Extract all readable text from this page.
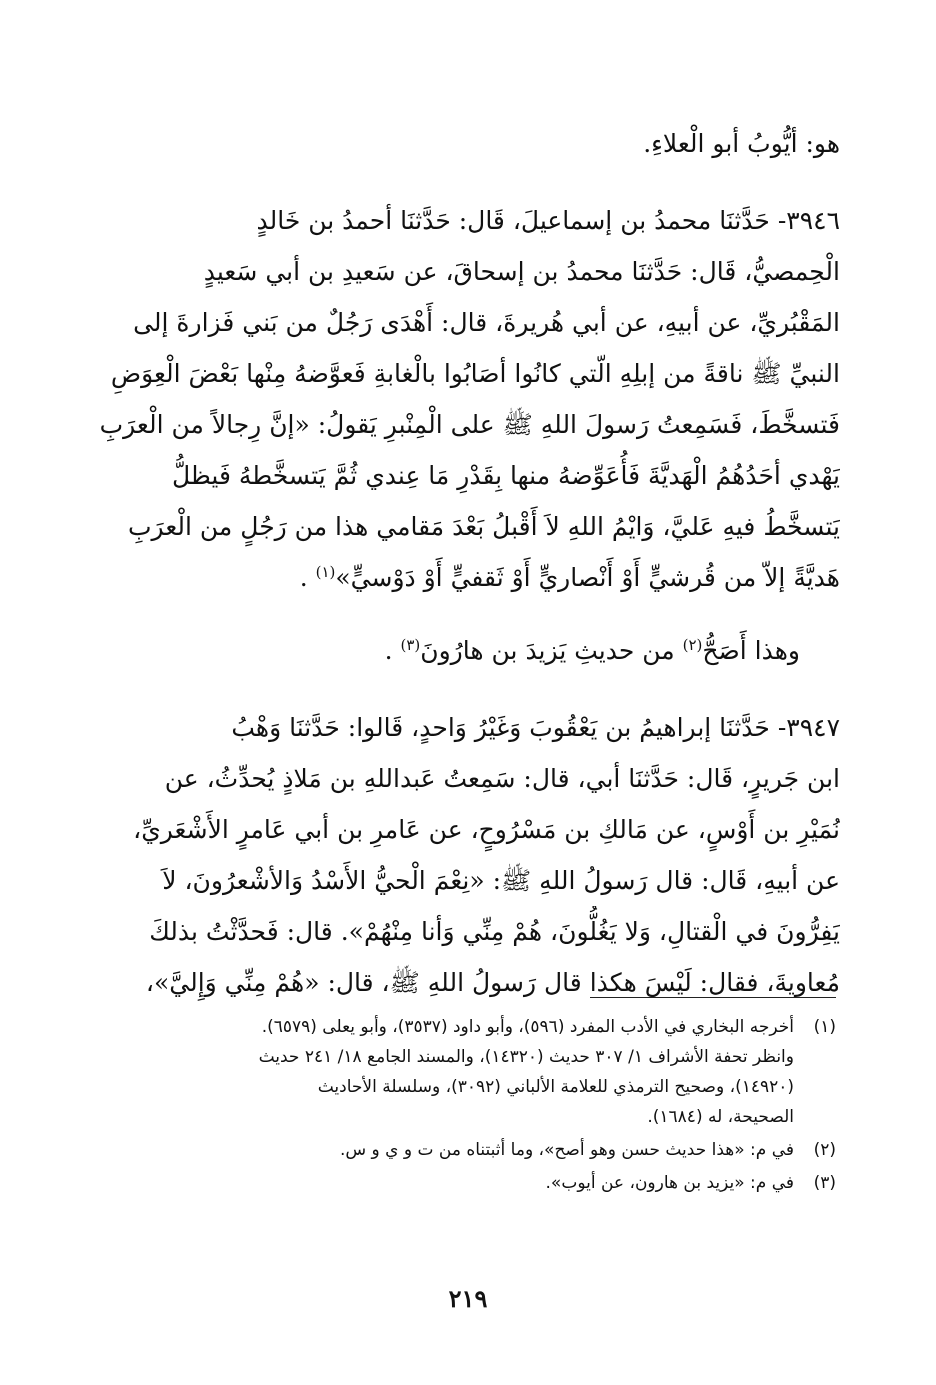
هو: أيُّوبُ أبو الْعلاءِ.

٣٩٤٦- حَدَّثنَا محمدُ بن إسماعيلَ، قَال: حَدَّثنَا أحمدُ بن خَالدٍ
الْحِمصيُّ، قَال: حَدَّثنَا محمدُ بن إسحاقَ، عن سَعيدِ بن أبي سَعيدٍ
المَقْبُريِّ، عن أبيهِ، عن أبي هُريرةَ، قال: أَهْدَى رَجُلٌ من بَني فَزارةَ إلى
النبيِّ ﷺ ناقةً من إبلِهِ الّتي كانُوا أصَابُوا بالْغابةِ فَعوَّضهُ مِنْها بَعْضَ الْعِوَضِ
فَتسخَّطَ، فَسَمِعتُ رَسولَ اللهِ ﷺ على الْمِنْبرِ يَقولُ: «إنَّ رِجالاً من الْعرَبِ
يَهْدي أحَدُهُمُ الْهَديَّةَ فَأُعَوِّضهُ منها بِقَدْرِ مَا عِندي ثُمَّ يَتسخَّطهُ فَيظلُّ
يَتسخَّطُ فيهِ عَليَّ، وَايْمُ اللهِ لاَ أَقْبلُ بَعْدَ مَقامي هذا من رَجُلٍ من الْعرَبِ
هَديَّةً إلاّ من قُرشيٍّ أَوْ أَنْصاريٍّ أَوْ ثَقفيٍّ أَوْ دَوْسيٍّ»$^{(١)}$ .

وهذا أَصَحُّ$^{(٢)}$ من حديثِ يَزيدَ بن هارُونَ$^{(٣)}$ .

٣٩٤٧- حَدَّثنَا إبراهيمُ بن يَعْقُوبَ وَغَيْرُ وَاحدٍ، قَالوا: حَدَّثنَا وَهْبُ
ابن جَريرٍ، قَال: حَدَّثنَا أبي، قال: سَمِعتُ عَبداللهِ بن مَلاذٍ يُحدِّثُ، عن
نُمَيْرِ بن أَوْسٍ، عن مَالكِ بن مَسْرُوحٍ، عن عَامرِ بن أبي عَامرٍ الأَشْعَريِّ،
عن أبيهِ، قَال: قال رَسولُ اللهِ ﷺ: «نِعْمَ الْحيُّ الأَسْدُ وَالأشْعرُونَ، لاَ
يَفِرُّونَ في الْقتالِ، وَلا يَغُلُّونَ، هُمْ مِنِّي وَأنا مِنْهُمْ». قال: فَحدَّثْتُ بذلكَ
مُعاويةَ، فقال: لَيْسَ هكذا قال رَسولُ اللهِ ﷺ، قال: «هُمْ مِنِّي وَإِليَّ»،

(١)
أخرجه البخاري في الأدب المفرد (٥٩٦)، وأبو داود (٣٥٣٧)، وأبو يعلى (٦٥٧٩).
وانظر تحفة الأشراف ١/ ٣٠٧ حديث (١٤٣٢٠)، والمسند الجامع ١٨/ ٢٤١ حديث
(١٤٩٢٠)، وصحيح الترمذي للعلامة الألباني (٣٠٩٢)، وسلسلة الأحاديث
الصحيحة، له (١٦٨٤).
(٢)
في م: «هذا حديث حسن وهو أصح»، وما أثبتناه من ت و ي و س.
(٣)
في م: «يزيد بن هارون، عن أيوب».
٢١٩
